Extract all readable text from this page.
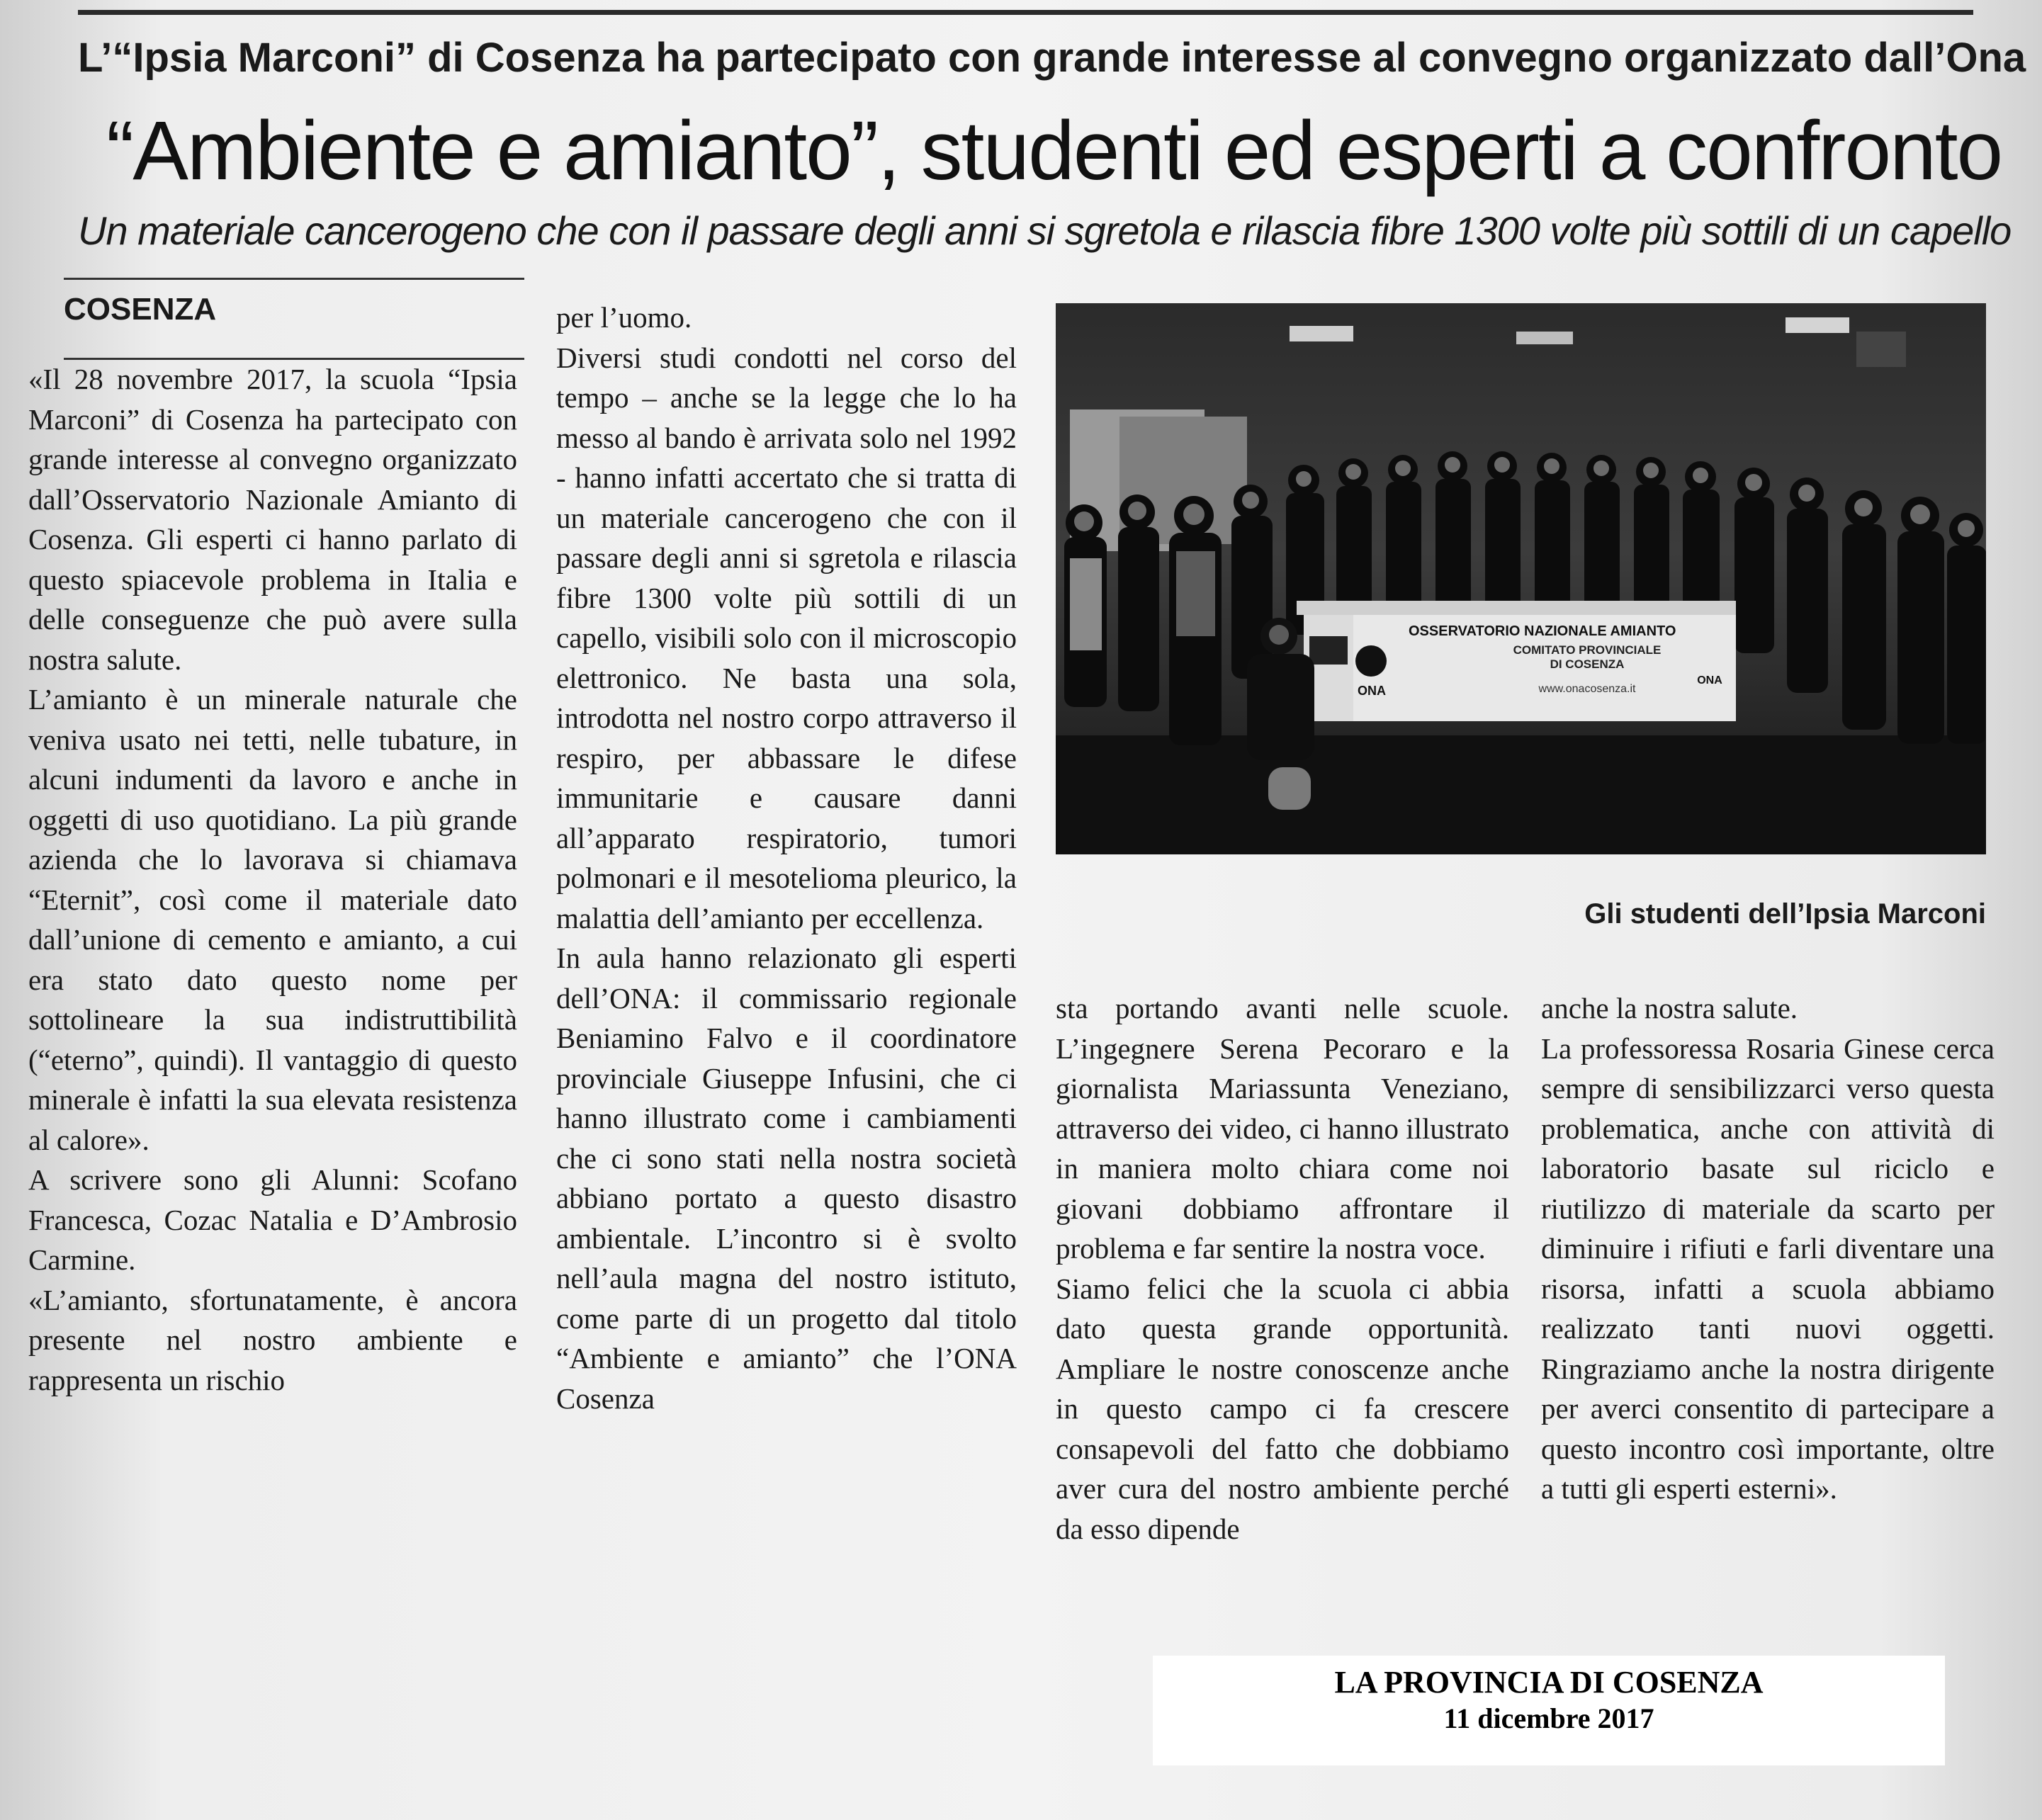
L’“Ipsia Marconi” di Cosenza ha partecipato con grande interesse al convegno organizzato dall’Ona
“Ambiente e amianto”, studenti ed esperti a confronto
Un materiale cancerogeno che con il passare degli anni si sgretola e rilascia fibre 1300 volte più sottili di un capello
COSENZA

«Il 28 novembre 2017, la scuola “Ipsia Marconi” di Cosenza ha partecipato con grande interesse al convegno organizzato dall’Osservatorio Nazionale Amianto di Cosenza. Gli esperti ci hanno parlato di questo spiacevole problema in Italia e delle conseguenze che può avere sulla nostra salute.

L’amianto è un minerale naturale che veniva usato nei tetti, nelle tubature, in alcuni indumenti da lavoro e anche in oggetti di uso quotidiano. La più grande azienda che lo lavorava si chiamava “Eternit”, così come il materiale dato dall’unione di cemento e amianto, a cui era stato dato questo nome per sottolineare la sua indistruttibilità (“eterno”, quindi). Il vantaggio di questo minerale è infatti la sua elevata resistenza al calore».

A scrivere sono gli Alunni: Scofano Francesca, Cozac Natalia e D’Ambrosio Carmine.

«L’amianto, sfortunatamente, è ancora presente nel nostro ambiente e rappresenta un rischio

per l’uomo.

Diversi studi condotti nel corso del tempo – anche se la legge che lo ha messo al bando è arrivata solo nel 1992 - hanno infatti accertato che si tratta di un materiale cancerogeno che con il passare degli anni si sgretola e rilascia fibre 1300 volte più sottili di un capello, visibili solo con il microscopio elettronico. Ne basta una sola, introdotta nel nostro corpo attraverso il respiro, per abbassare le difese immunitarie e causare danni all’apparato respiratorio, tumori polmonari e il mesotelioma pleurico, la malattia dell’amianto per eccellenza.

In aula hanno relazionato gli esperti dell’ONA: il commissario regionale Beniamino Falvo e il coordinatore provinciale Giuseppe Infusini, che ci hanno illustrato come i cambiamenti che ci sono stati nella nostra società abbiano portato a questo disastro ambientale. L’incontro si è svolto nell’aula magna del nostro istituto, come parte di un progetto dal titolo “Ambiente e amianto” che l’ONA Cosenza

OSSERVATORIO NAZIONALE AMIANTO
COMITATO PROVINCIALE
DI COSENZA
www.onacosenza.it
ONA
ONA
Gli studenti dell’Ipsia Marconi

sta portando avanti nelle scuole. L’ingegnere Serena Pecoraro e la giornalista Mariassunta Veneziano, attraverso dei video, ci hanno illustrato in maniera molto chiara come noi giovani dobbiamo affrontare il problema e far sentire la nostra voce.

Siamo felici che la scuola ci abbia dato questa grande opportunità. Ampliare le nostre conoscenze anche in questo campo ci fa crescere consapevoli del fatto che dobbiamo aver cura del nostro ambiente perché da esso dipende

anche la nostra salute.

La professoressa Rosaria Ginese cerca sempre di sensibilizzarci verso questa problematica, anche con attività di laboratorio basate sul riciclo e riutilizzo di materiale da scarto per diminuire i rifiuti e farli diventare una risorsa, infatti a scuola abbiamo realizzato tanti nuovi oggetti. Ringraziamo anche la nostra dirigente per averci consentito di partecipare a questo incontro così importante, oltre a tutti gli esperti esterni».

LA PROVINCIA DI COSENZA
11 dicembre 2017
